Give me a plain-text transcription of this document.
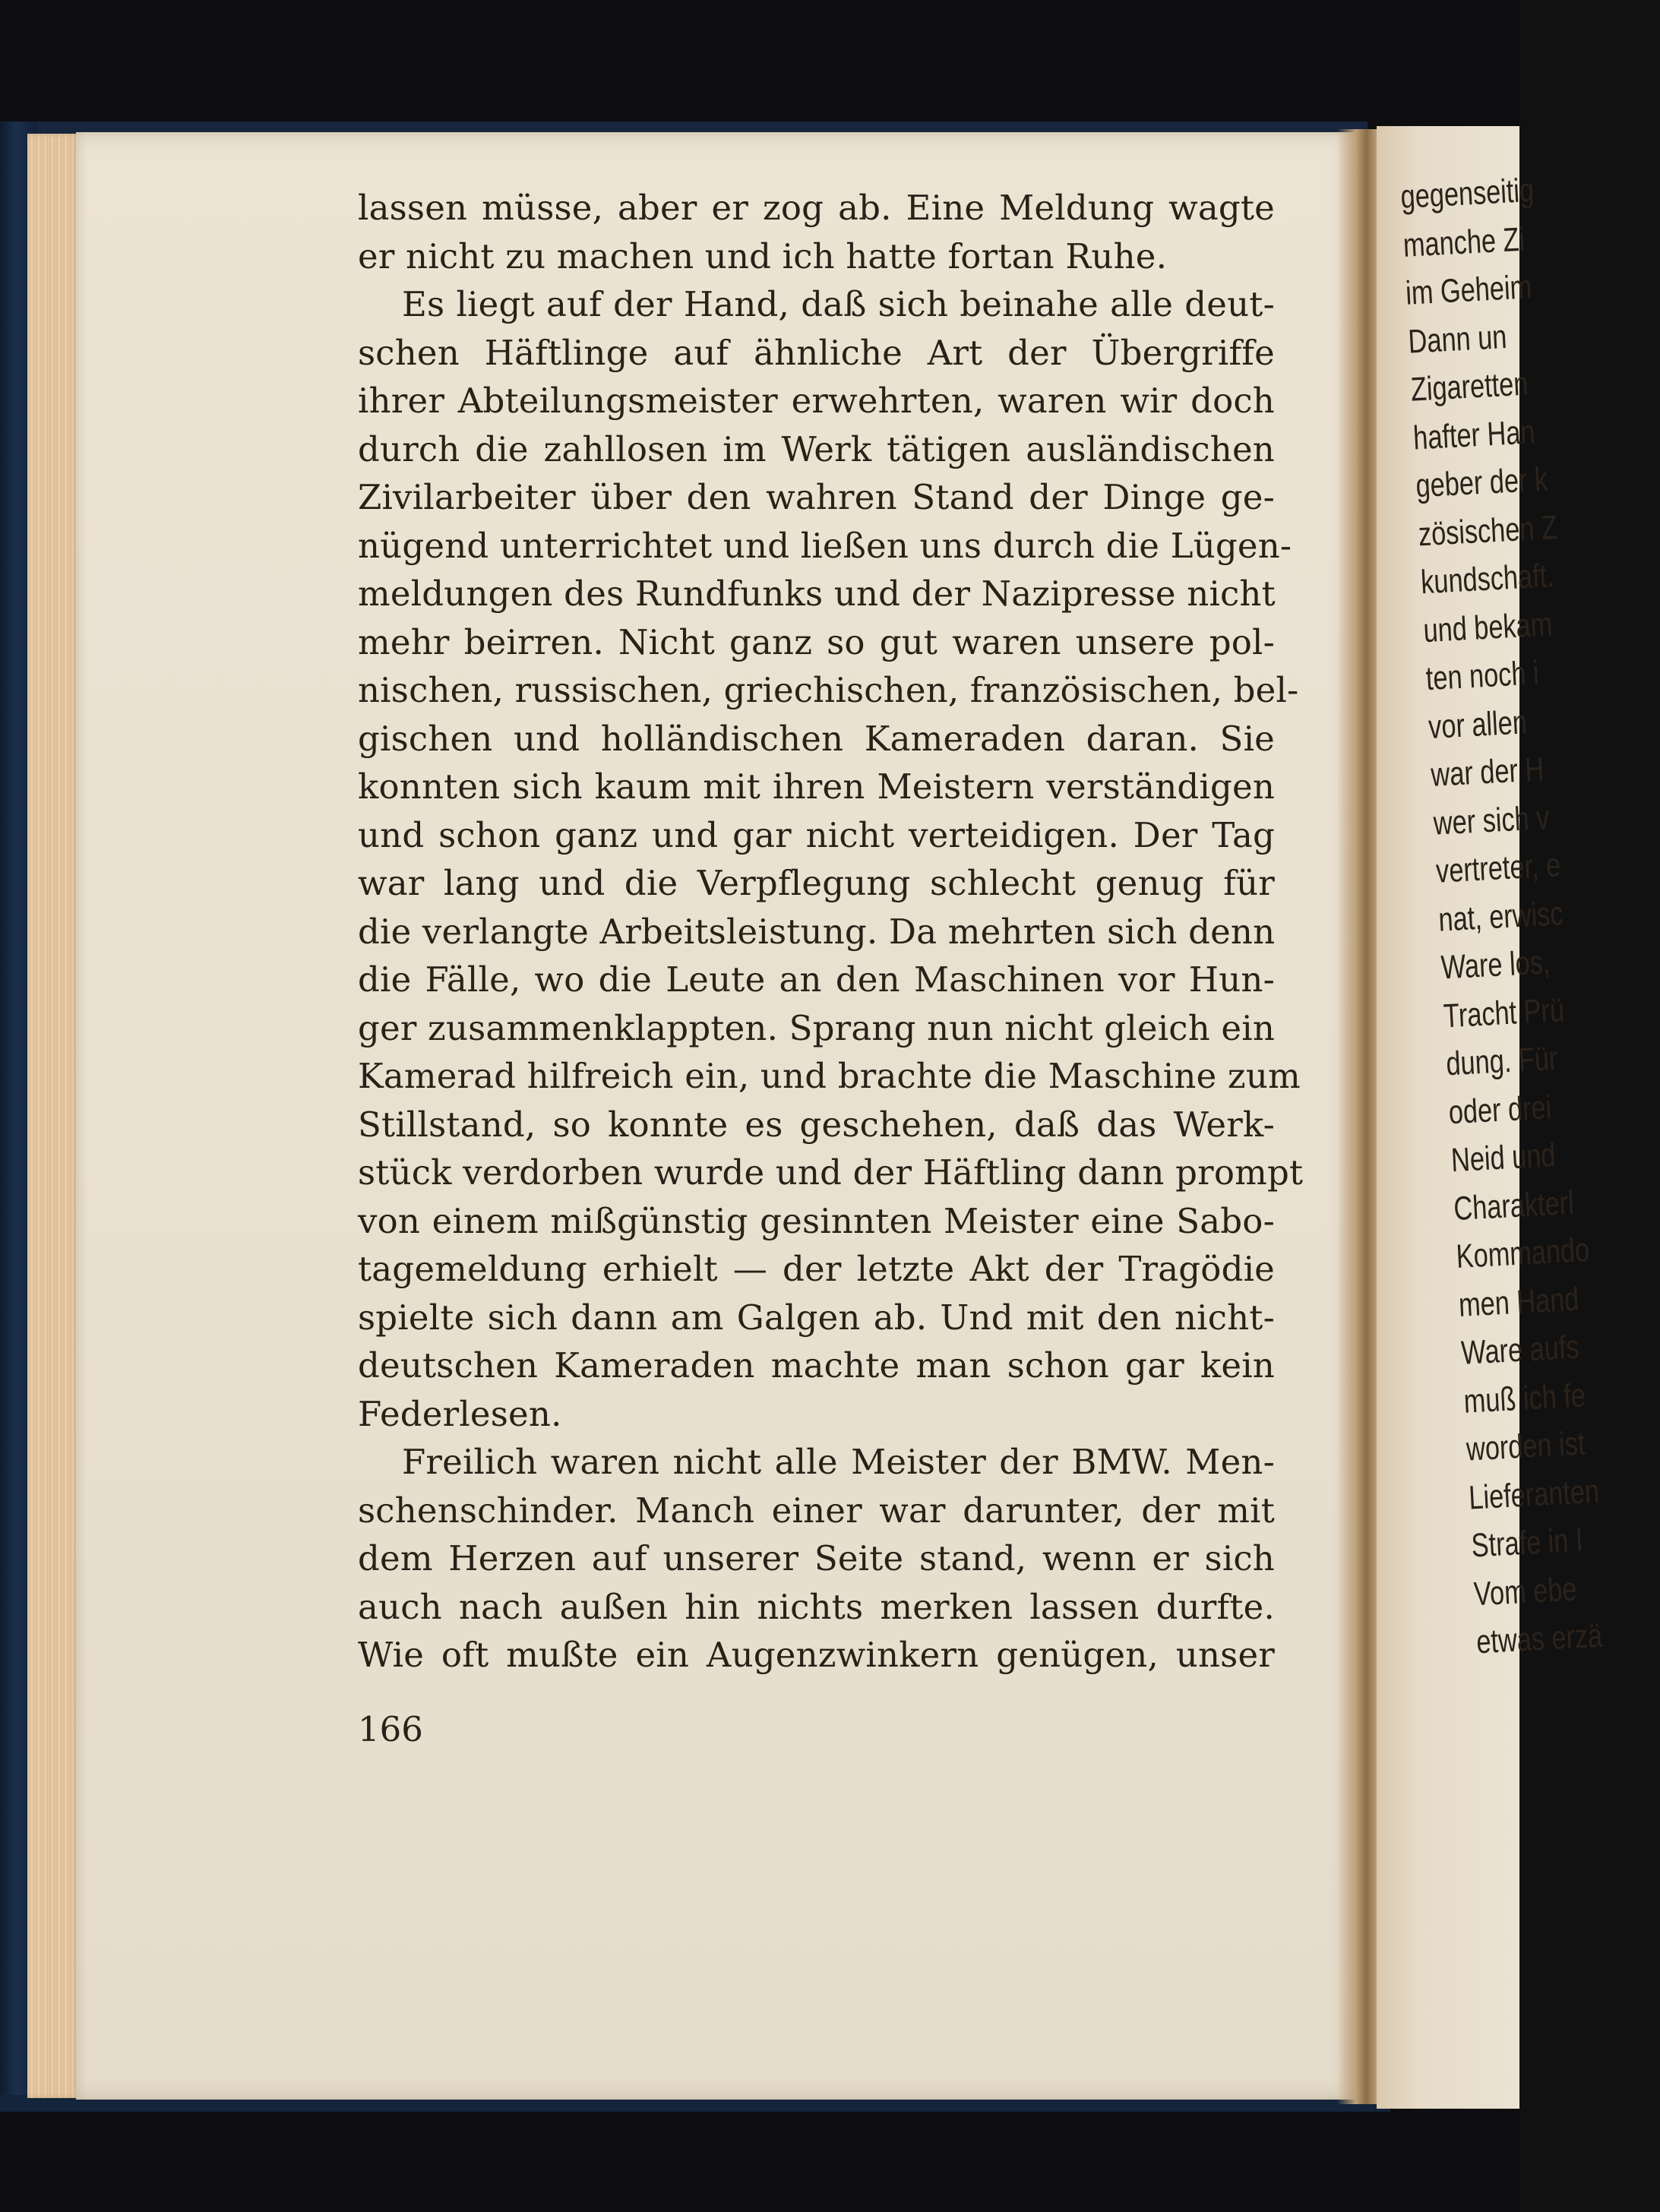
lassen müsse, aber er zog ab. Eine Meldung wagte
er nicht zu machen und ich hatte fortan Ruhe.
Es liegt auf der Hand, daß sich beinahe alle deut-
schen Häftlinge auf ähnliche Art der Übergriffe
ihrer Abteilungsmeister erwehrten, waren wir doch
durch die zahllosen im Werk tätigen ausländischen
Zivilarbeiter über den wahren Stand der Dinge ge-
nügend unterrichtet und ließen uns durch die Lügen-
meldungen des Rundfunks und der Nazipresse nicht
mehr beirren. Nicht ganz so gut waren unsere pol-
nischen, russischen, griechischen, französischen, bel-
gischen und holländischen Kameraden daran. Sie
konnten sich kaum mit ihren Meistern verständigen
und schon ganz und gar nicht verteidigen. Der Tag
war lang und die Verpflegung schlecht genug für
die verlangte Arbeitsleistung. Da mehrten sich denn
die Fälle, wo die Leute an den Maschinen vor Hun-
ger zusammenklappten. Sprang nun nicht gleich ein
Kamerad hilfreich ein, und brachte die Maschine zum
Stillstand, so konnte es geschehen, daß das Werk-
stück verdorben wurde und der Häftling dann prompt
von einem mißgünstig gesinnten Meister eine Sabo-
tagemeldung erhielt — der letzte Akt der Tragödie
spielte sich dann am Galgen ab. Und mit den nicht-
deutschen Kameraden machte man schon gar kein
Federlesen.
Freilich waren nicht alle Meister der BMW. Men-
schenschinder. Manch einer war darunter, der mit
dem Herzen auf unserer Seite stand, wenn er sich
auch nach außen hin nichts merken lassen durfte.
Wie oft mußte ein Augenzwinkern genügen, unser
166
gegenseitig
manche Zi
im Geheim
Dann un
Zigaretten
hafter Han
geber der k
zösischen Z
kundschaft.
und bekam
ten noch i
vor allen
war der H
wer sich v
vertreter, e
nat, erwisc
Ware los,
Tracht Prü
dung. Für
oder drei
Neid und
Charakterl
Kommando
men Hand
Ware aufs
muß ich fe
worden ist
Lieferanten
Strafe in I
Vom ebe
etwas erzä
